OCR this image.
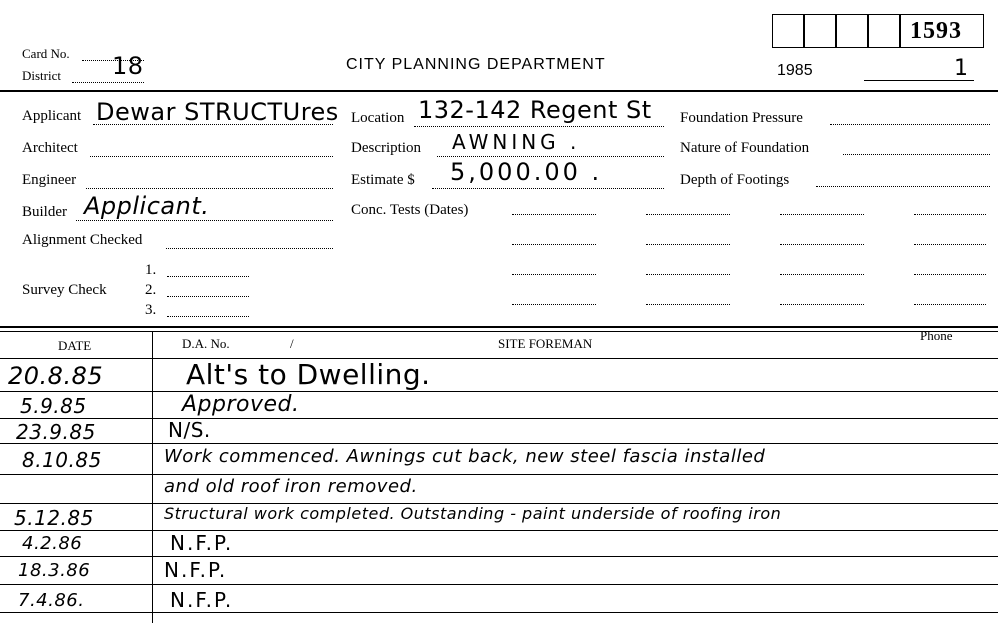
Card No.
District 18	CITY PLANNING DEPARTMENT	1985	1
1593
Applicant Dewar STRUCTUres
Architect
Engineer
Builder Applicant.
Alignment Checked
Survey Check
1.
2.
3.
Location 132-142 Regent St
Description AWNING .
Estimate $ 5,000.00 .
Conc. Tests (Dates)
Foundation Pressure
Nature of Foundation
Depth of Footings
DATE	D.A. No.	/	SITE FOREMAN
Phone
20.8.85	Alt's to Dwelling.
5.9.85	Approved.
23.9.85	N/S.
8.10.85	Work commenced. Awnings cut back, new steel fascia installed
and old roof iron removed.
5.12.85	Structural work completed. Outstanding - paint underside of roofing iron
4.2.86	N.F.P.
18.3.86	N.F.P.
7.4.86.	N.F.P.
